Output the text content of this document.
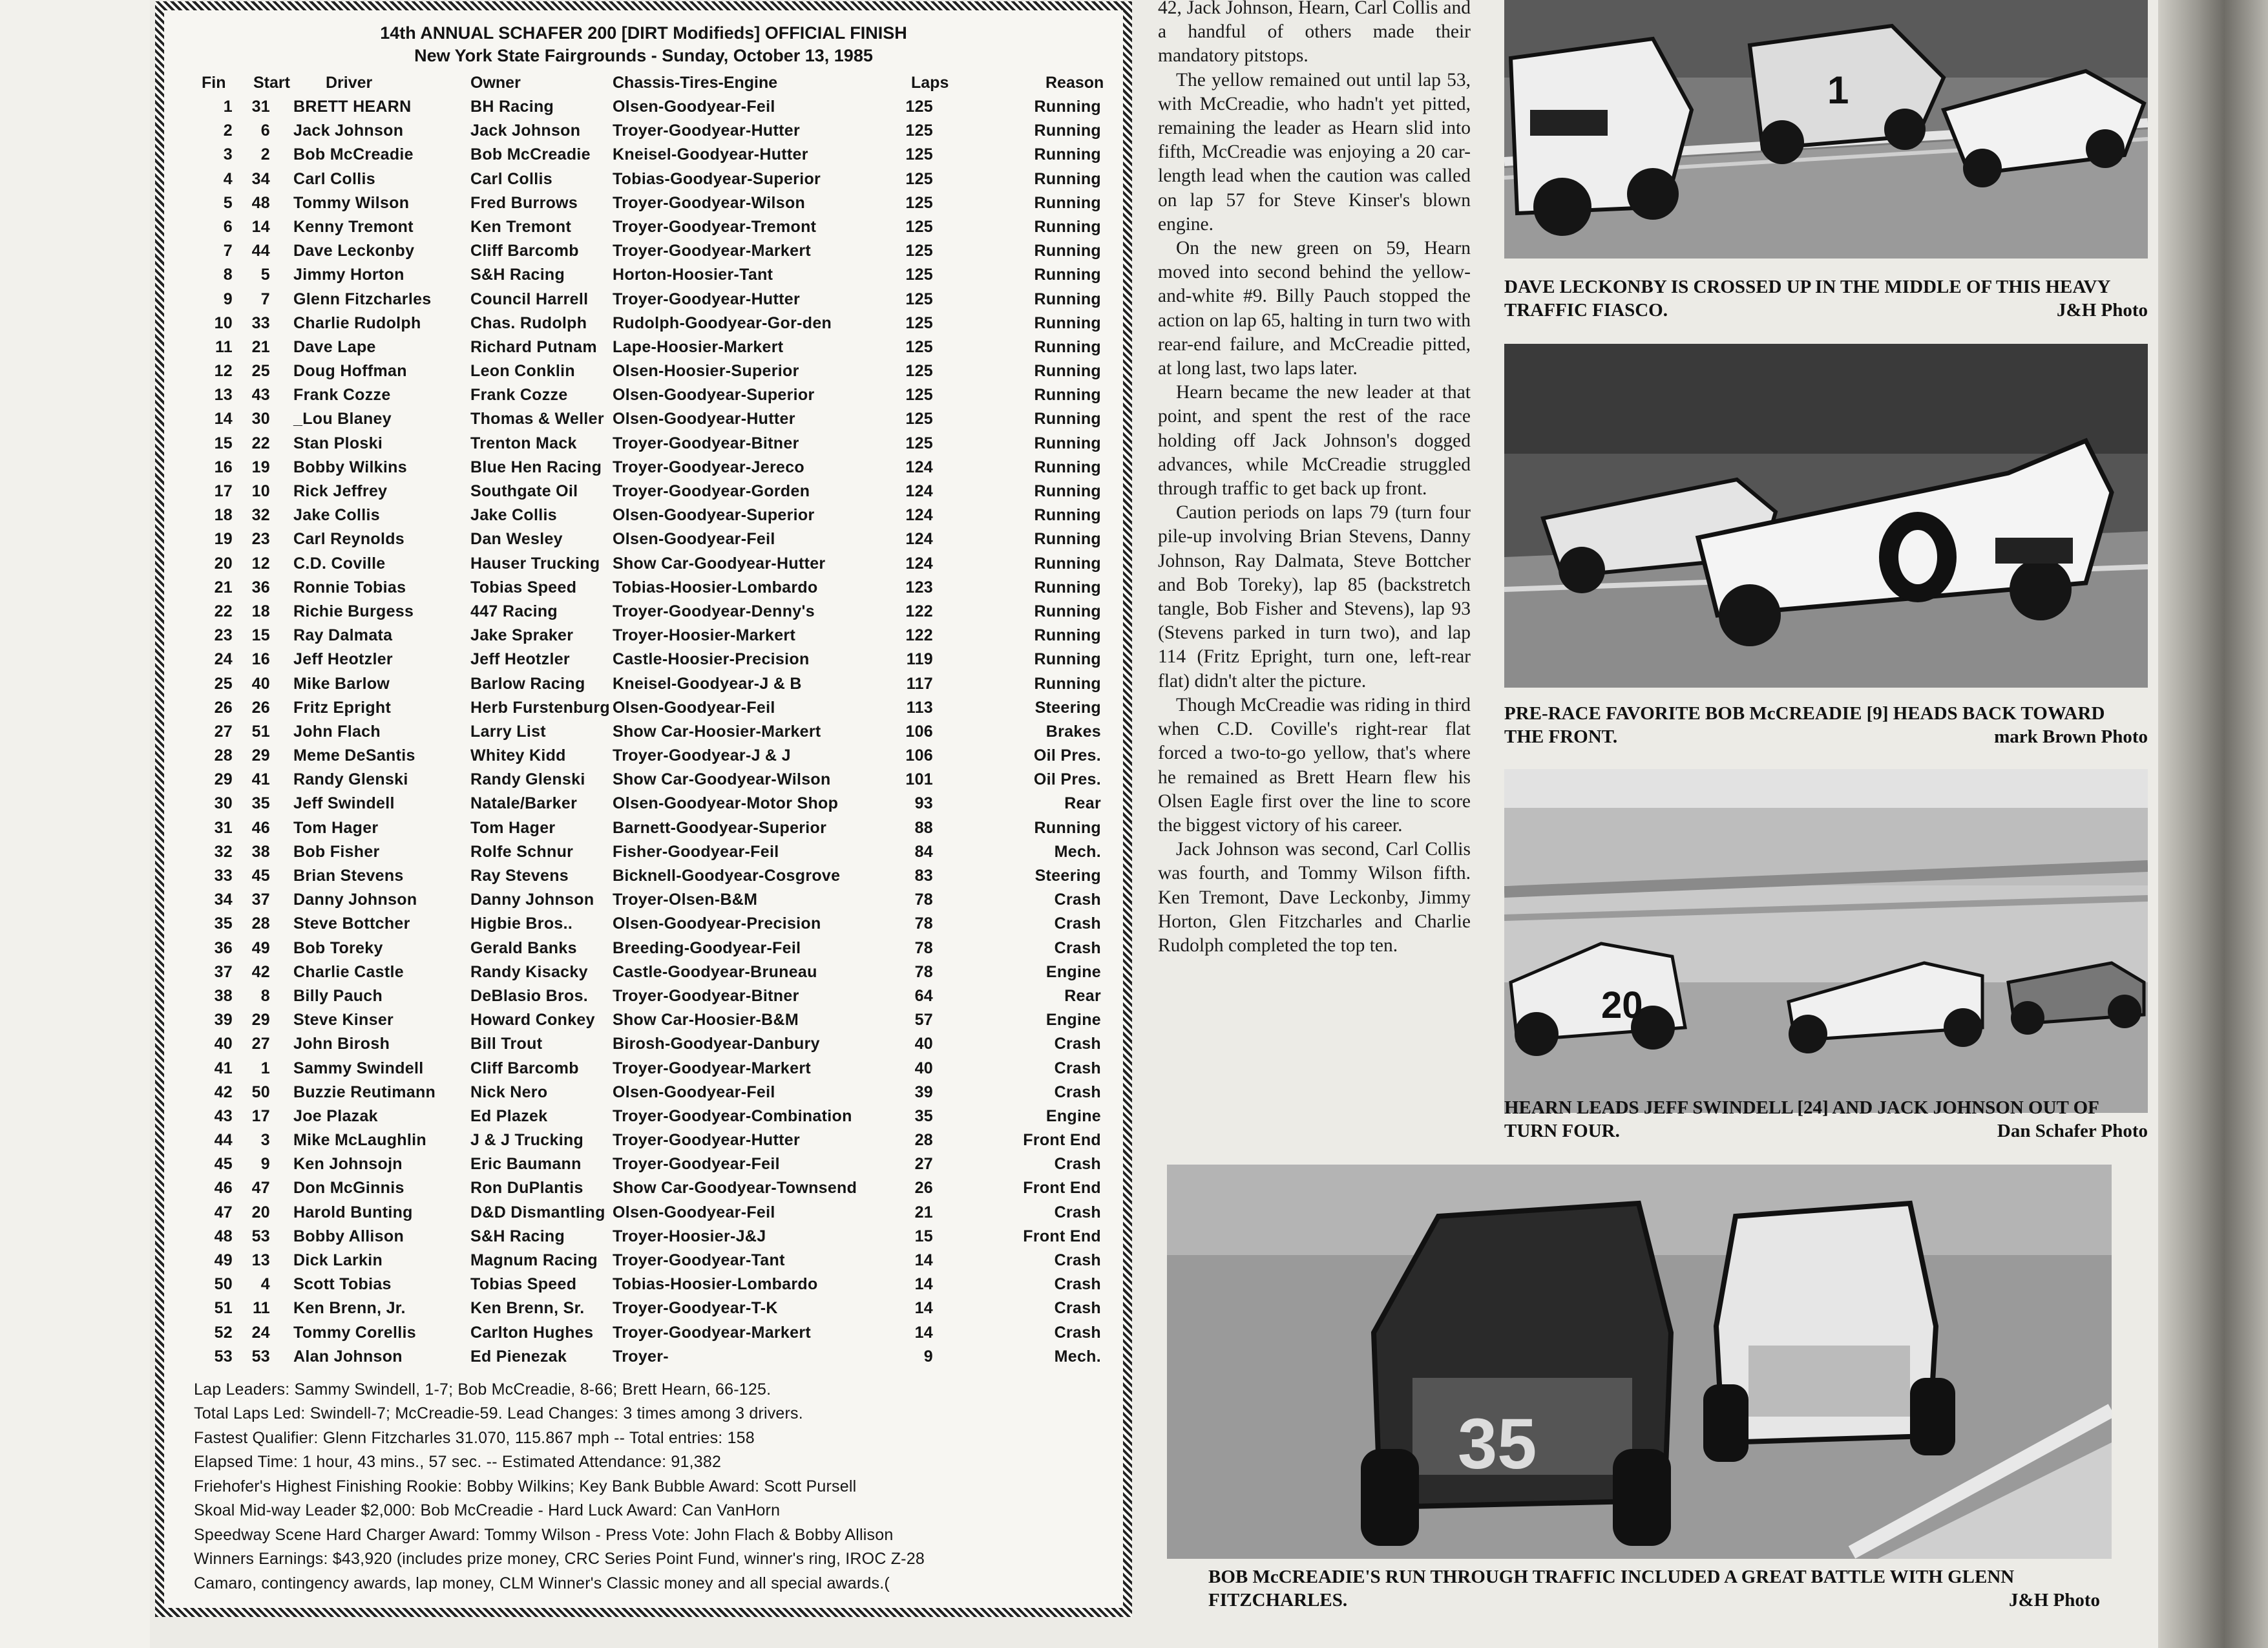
14th ANNUAL SCHAFER 200 [DIRT Modifieds] OFFICIAL FINISH
New York State Fairgrounds - Sunday, October 13, 1985
Fin Start Driver	Owner	Chassis-Tires-Engine	Laps	Reason
1	31 BRETT HEARN	BH Racing	Olsen-Goodyear-Feil	125	Running
2	6 Jack Johnson	Jack Johnson Troyer-Goodyear-Hutter	125	Running
3	2 Bob McCreadie	Bob McCreadie Kneisel-Goodyear-Hutter	125	Running
4	34 Carl Collis	Carl Collis	Tobias-Goodyear-Superior	125	Running
5	48 Tommy Wilson	Fred Burrows Troyer-Goodyear-Wilson	125	Running
6	14 Kenny Tremont	Ken Tremont	Troyer-Goodyear-Tremont	125	Running
7	44 Dave Leckonby	Cliff Barcomb Troyer-Goodyear-Markert	125	Running
8	5 Jimmy Horton	S&H Racing	Horton-Hoosier-Tant	125	Running
9	7 Glenn Fitzcharles Council Harrell Troyer-Goodyear-Hutter	125	Running
10	33 Charlie Rudolph	Chas. Rudolph Rudolph-Goodyear-Gor-den	125	Running
11	21 Dave Lape	Richard Putnam Lape-Hoosier-Markert	125	Running
12	25 Doug Hoffman	Leon Conklin Olsen-Hoosier-Superior	125	Running
13	43 Frank Cozze	Frank Cozze	Olsen-Goodyear-Superior	125	Running
14	30 _Lou Blaney	Thomas & Weller Olsen-Goodyear-Hutter	125	Running
15	22 Stan Ploski	Trenton Mack Troyer-Goodyear-Bitner	125	Running
16	19 Bobby Wilkins	Blue Hen Racing Troyer-Goodyear-Jereco	124	Running
17	10 Rick Jeffrey	Southgate Oil Troyer-Goodyear-Gorden	124	Running
18	32 Jake Collis	Jake Collis	Olsen-Goodyear-Superior	124	Running
19	23 Carl Reynolds	Dan Wesley	Olsen-Goodyear-Feil	124	Running
20	12 C.D. Coville	Hauser Trucking Show Car-Goodyear-Hutter	124	Running
21	36 Ronnie Tobias	Tobias Speed Tobias-Hoosier-Lombardo	123	Running
22	18 Richie Burgess	447 Racing	Troyer-Goodyear-Denny's	122	Running
23	15 Ray Dalmata	Jake Spraker Troyer-Hoosier-Markert	122	Running
24	16 Jeff Heotzler	Jeff Heotzler	Castle-Hoosier-Precision	119	Running
25	40 Mike Barlow	Barlow Racing Kneisel-Goodyear-J & B	117	Running
26	26 Fritz Epright	Herb Furstenburg Olsen-Goodyear-Feil	113	Steering
27	51 John Flach	Larry List	Show Car-Hoosier-Markert	106	Brakes
28	29 Meme DeSantis	Whitey Kidd	Troyer-Goodyear-J & J	106	Oil Pres.
29	41 Randy Glenski	Randy Glenski Show Car-Goodyear-Wilson	101	Oil Pres.
30	35 Jeff Swindell	Natale/Barker Olsen-Goodyear-Motor Shop	93	Rear
31	46 Tom Hager	Tom Hager	Barnett-Goodyear-Superior	88	Running
32	38 Bob Fisher	Rolfe Schnur Fisher-Goodyear-Feil	84	Mech.
33	45 Brian Stevens	Ray Stevens	Bicknell-Goodyear-Cosgrove	83	Steering
34	37 Danny Johnson	Danny Johnson Troyer-Olsen-B&M	78	Crash
35	28 Steve Bottcher	Higbie Bros.. Olsen-Goodyear-Precision	78	Crash
36	49 Bob Toreky	Gerald Banks Breeding-Goodyear-Feil	78	Crash
37	42 Charlie Castle	Randy Kisacky Castle-Goodyear-Bruneau	78	Engine
38	8 Billy Pauch	DeBlasio Bros. Troyer-Goodyear-Bitner	64	Rear
39	29 Steve Kinser	Howard Conkey Show Car-Hoosier-B&M	57	Engine
40	27 John Birosh	Bill Trout	Birosh-Goodyear-Danbury	40	Crash
41	1 Sammy Swindell	Cliff Barcomb Troyer-Goodyear-Markert	40	Crash
42	50 Buzzie Reutimann Nick Nero	Olsen-Goodyear-Feil	39	Crash
43	17 Joe Plazak	Ed Plazek	Troyer-Goodyear-Combination	35	Engine
44	3 Mike McLaughlin	J & J Trucking Troyer-Goodyear-Hutter	28	Front End
45	9 Ken Johnsojn	Eric Baumann Troyer-Goodyear-Feil	27	Crash
46	47 Don McGinnis	Ron DuPlantis Show Car-Goodyear-Townsend	26	Front End
47	20 Harold Bunting	D&D Dismantling Olsen-Goodyear-Feil	21	Crash
48	53 Bobby Allison	S&H Racing	Troyer-Hoosier-J&J	15	Front End
49	13 Dick Larkin	Magnum Racing Troyer-Goodyear-Tant	14	Crash
50	4 Scott Tobias	Tobias Speed Tobias-Hoosier-Lombardo	14	Crash
51	11 Ken Brenn, Jr.	Ken Brenn, Sr. Troyer-Goodyear-T-K	14	Crash
52	24 Tommy Corellis	Carlton Hughes Troyer-Goodyear-Markert	14	Crash
53	53 Alan Johnson	Ed Pienezak	Troyer-	9	Mech.
Lap Leaders: Sammy Swindell, 1-7; Bob McCreadie, 8-66; Brett Hearn, 66-125.
Total Laps Led: Swindell-7; McCreadie-59. Lead Changes: 3 times among 3 drivers.
Fastest Qualifier: Glenn Fitzcharles 31.070, 115.867 mph -- Total entries: 158
Elapsed Time: 1 hour, 43 mins., 57 sec. -- Estimated Attendance: 91,382
Friehofer's Highest Finishing Rookie: Bobby Wilkins; Key Bank Bubble Award: Scott Pursell
Skoal Mid-way Leader $2,000: Bob McCreadie - Hard Luck Award: Can VanHorn
Speedway Scene Hard Charger Award: Tommy Wilson - Press Vote: John Flach & Bobby Allison
Winners Earnings: $43,920 (includes prize money, CRC Series Point Fund, winner's ring, IROC Z-28
Camaro, contingency awards, lap money, CLM Winner's Classic money and all special awards.(

42, Jack Johnson, Hearn, Carl Collis and a handful of others made their mandatory pitstops.

The yellow remained out until lap 53, with McCreadie, who hadn't yet pitted, remaining the leader as Hearn slid into fifth, McCreadie was enjoying a 20 car-length lead when the caution was called on lap 57 for Steve Kinser's blown engine.

On the new green on 59, Hearn moved into second behind the yellow-and-white #9. Billy Pauch stopped the action on lap 65, halting in turn two with rear-end failure, and McCreadie pitted, at long last, two laps later.

Hearn became the new leader at that point, and spent the rest of the race holding off Jack Johnson's dogged advances, while McCreadie struggled through traffic to get back up front.

Caution periods on laps 79 (turn four pile-up involving Brian Stevens, Danny Johnson, Ray Dalmata, Steve Bottcher and Bob Toreky), lap 85 (backstretch tangle, Bob Fisher and Stevens), lap 93 (Stevens parked in turn two), and lap 114 (Fritz Epright, turn one, left-rear flat) didn't alter the picture.

Though McCreadie was riding in third when C.D. Coville's right-rear flat forced a two-to-go yellow, that's where he remained as Brett Hearn flew his Olsen Eagle first over the line to score the biggest victory of his career.

Jack Johnson was second, Carl Collis was fourth, and Tommy Wilson fifth. Ken Tremont, Dave Leckonby, Jimmy Horton, Glen Fitzcharles and Charlie Rudolph completed the top ten.

1
DAVE LECKONBY IS CROSSED UP IN THE MIDDLE OF THIS HEAVY TRAFFIC FIASCO.	J&H Photo
PRE-RACE FAVORITE BOB McCREADIE [9] HEADS BACK TOWARD THE FRONT.	mark Brown Photo
20
HEARN LEADS JEFF SWINDELL [24] AND JACK JOHNSON OUT OF TURN FOUR.	Dan Schafer Photo
35
BOB McCREADIE'S RUN THROUGH TRAFFIC INCLUDED A GREAT BATTLE WITH GLENN FITZCHARLES.	J&H Photo
